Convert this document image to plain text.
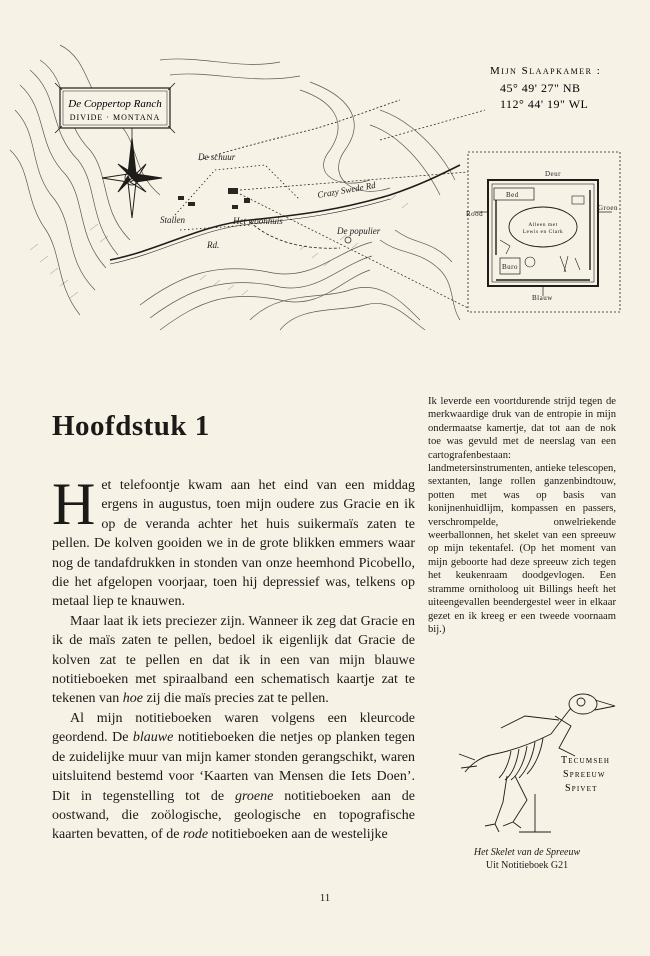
De Coppertop Ranch
DIVIDE · MONTANA
De schuur
Stallen	Het woonhuis
Rd.
Crazy Swede Rd
De populier
Mijn Slaapkamer :
45° 49' 27" NB
112° 44' 19" WL
Deur
Bed
Rood
Groen
Blauw
Buro
Alleen met
Lewis en Clark
Hoofdstuk 1

Het telefoontje kwam aan het eind van een middag ergens in augustus, toen mijn oudere zus Gracie en ik op de veranda achter het huis suikermaïs zaten te pellen. De kolven gooiden we in de grote blikken emmers waar nog de tandafdrukken in stonden van onze heemhond Picobello, die het afgelopen voorjaar, toen hij depressief was, telkens op metaal liep te knauwen.

Maar laat ik iets preciezer zijn. Wanneer ik zeg dat Gracie en ik de maïs zaten te pellen, bedoel ik eigenlijk dat Gracie de kolven zat te pellen en dat ik in een van mijn blauwe notitieboeken met spiraalband een schematisch kaartje zat te tekenen van hoe zij die maïs precies zat te pellen.

Al mijn notitieboeken waren volgens een kleurcode geordend. De blauwe notitieboeken die netjes op planken tegen de zuidelijke muur van mijn kamer stonden gerangschikt, waren uitsluitend bestemd voor ‘Kaarten van Mensen die Iets Doen’. Dit in tegenstelling tot de groene notitieboeken aan de oostwand, die zoölogische, geologische en topografische kaarten bevatten, of de rode notitieboeken aan de westelijke

Ik leverde een voortdurende strijd tegen de merkwaardige druk van de entropie in mijn ondermaatse kamertje, dat tot aan de nok toe was gevuld met de neerslag van een cartografenbestaan: landmetersinstrumenten, antieke telescopen, sextanten, lange rollen ganzenbindtouw, potten met was op basis van konijnenhuidlijm, kompassen en passers, verschrompelde, onwelriekende weerballonnen, het skelet van een spreeuw op mijn tekentafel. (Op het moment van mijn geboorte had deze spreeuw zich tegen het keukenraam doodgevlogen. Een stramme ornitholoog uit Billings heeft het uiteengevallen beendergestel weer in elkaar gezet en ik kreeg er een tweede voornaam bij.)
Tecumseh
Spreeuw
Spivet
Het Skelet van de Spreeuw
Uit Notitieboek G21
11
